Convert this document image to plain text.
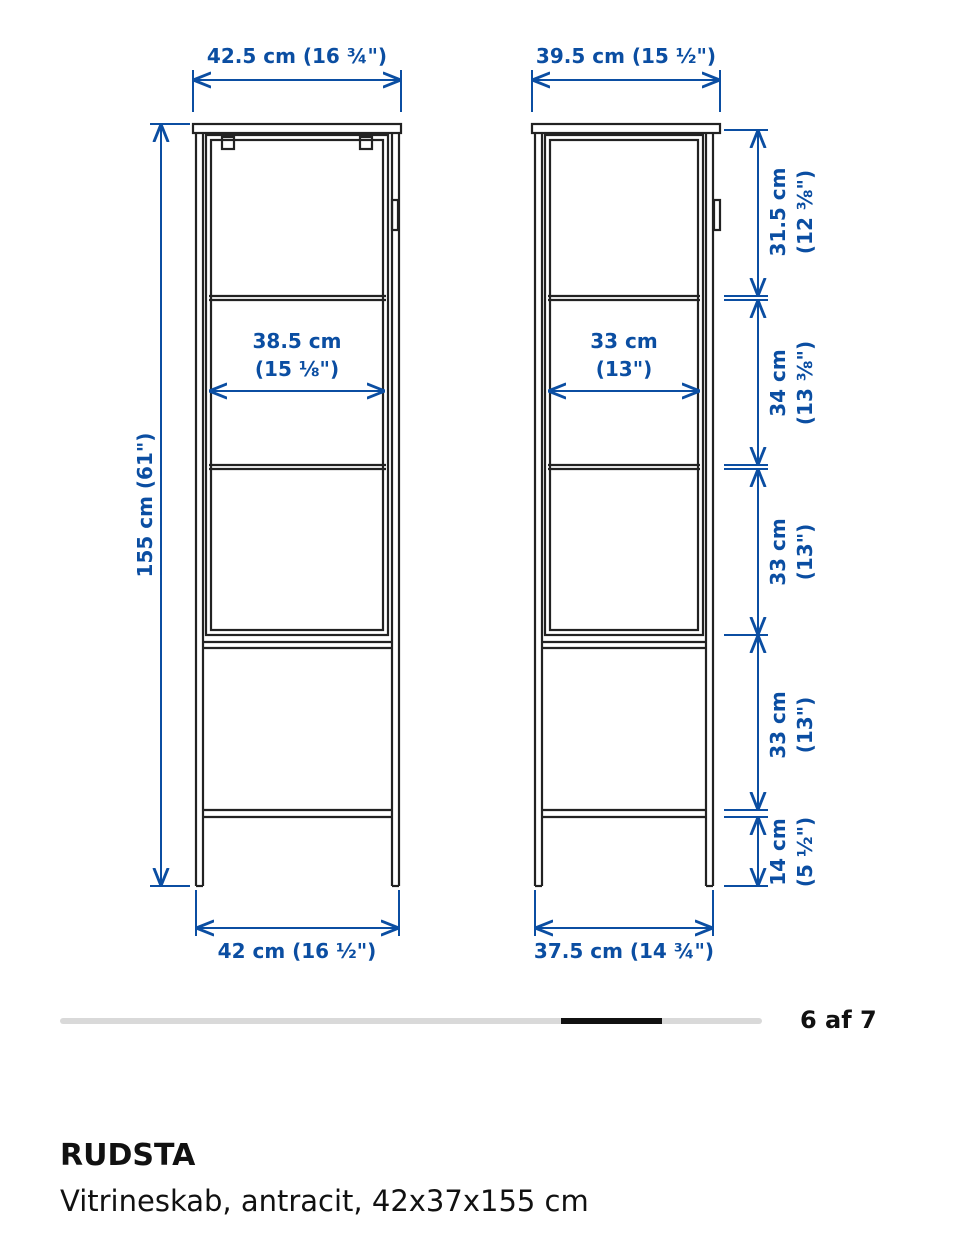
42.5 cm (16 ¾")
38.5 cm
(15 ⅛")
155 cm (61")
42 cm (16 ½")
39.5 cm (15 ½")
33 cm
(13")
37.5 cm (14 ¾")
31.5 cm (12 ⅜")
34 cm (13 ⅜")
33 cm (13")
33 cm (13")
14 cm (5 ½")
6 af 7
RUDSTA
Vitrineskab, antracit, 42x37x155 cm
